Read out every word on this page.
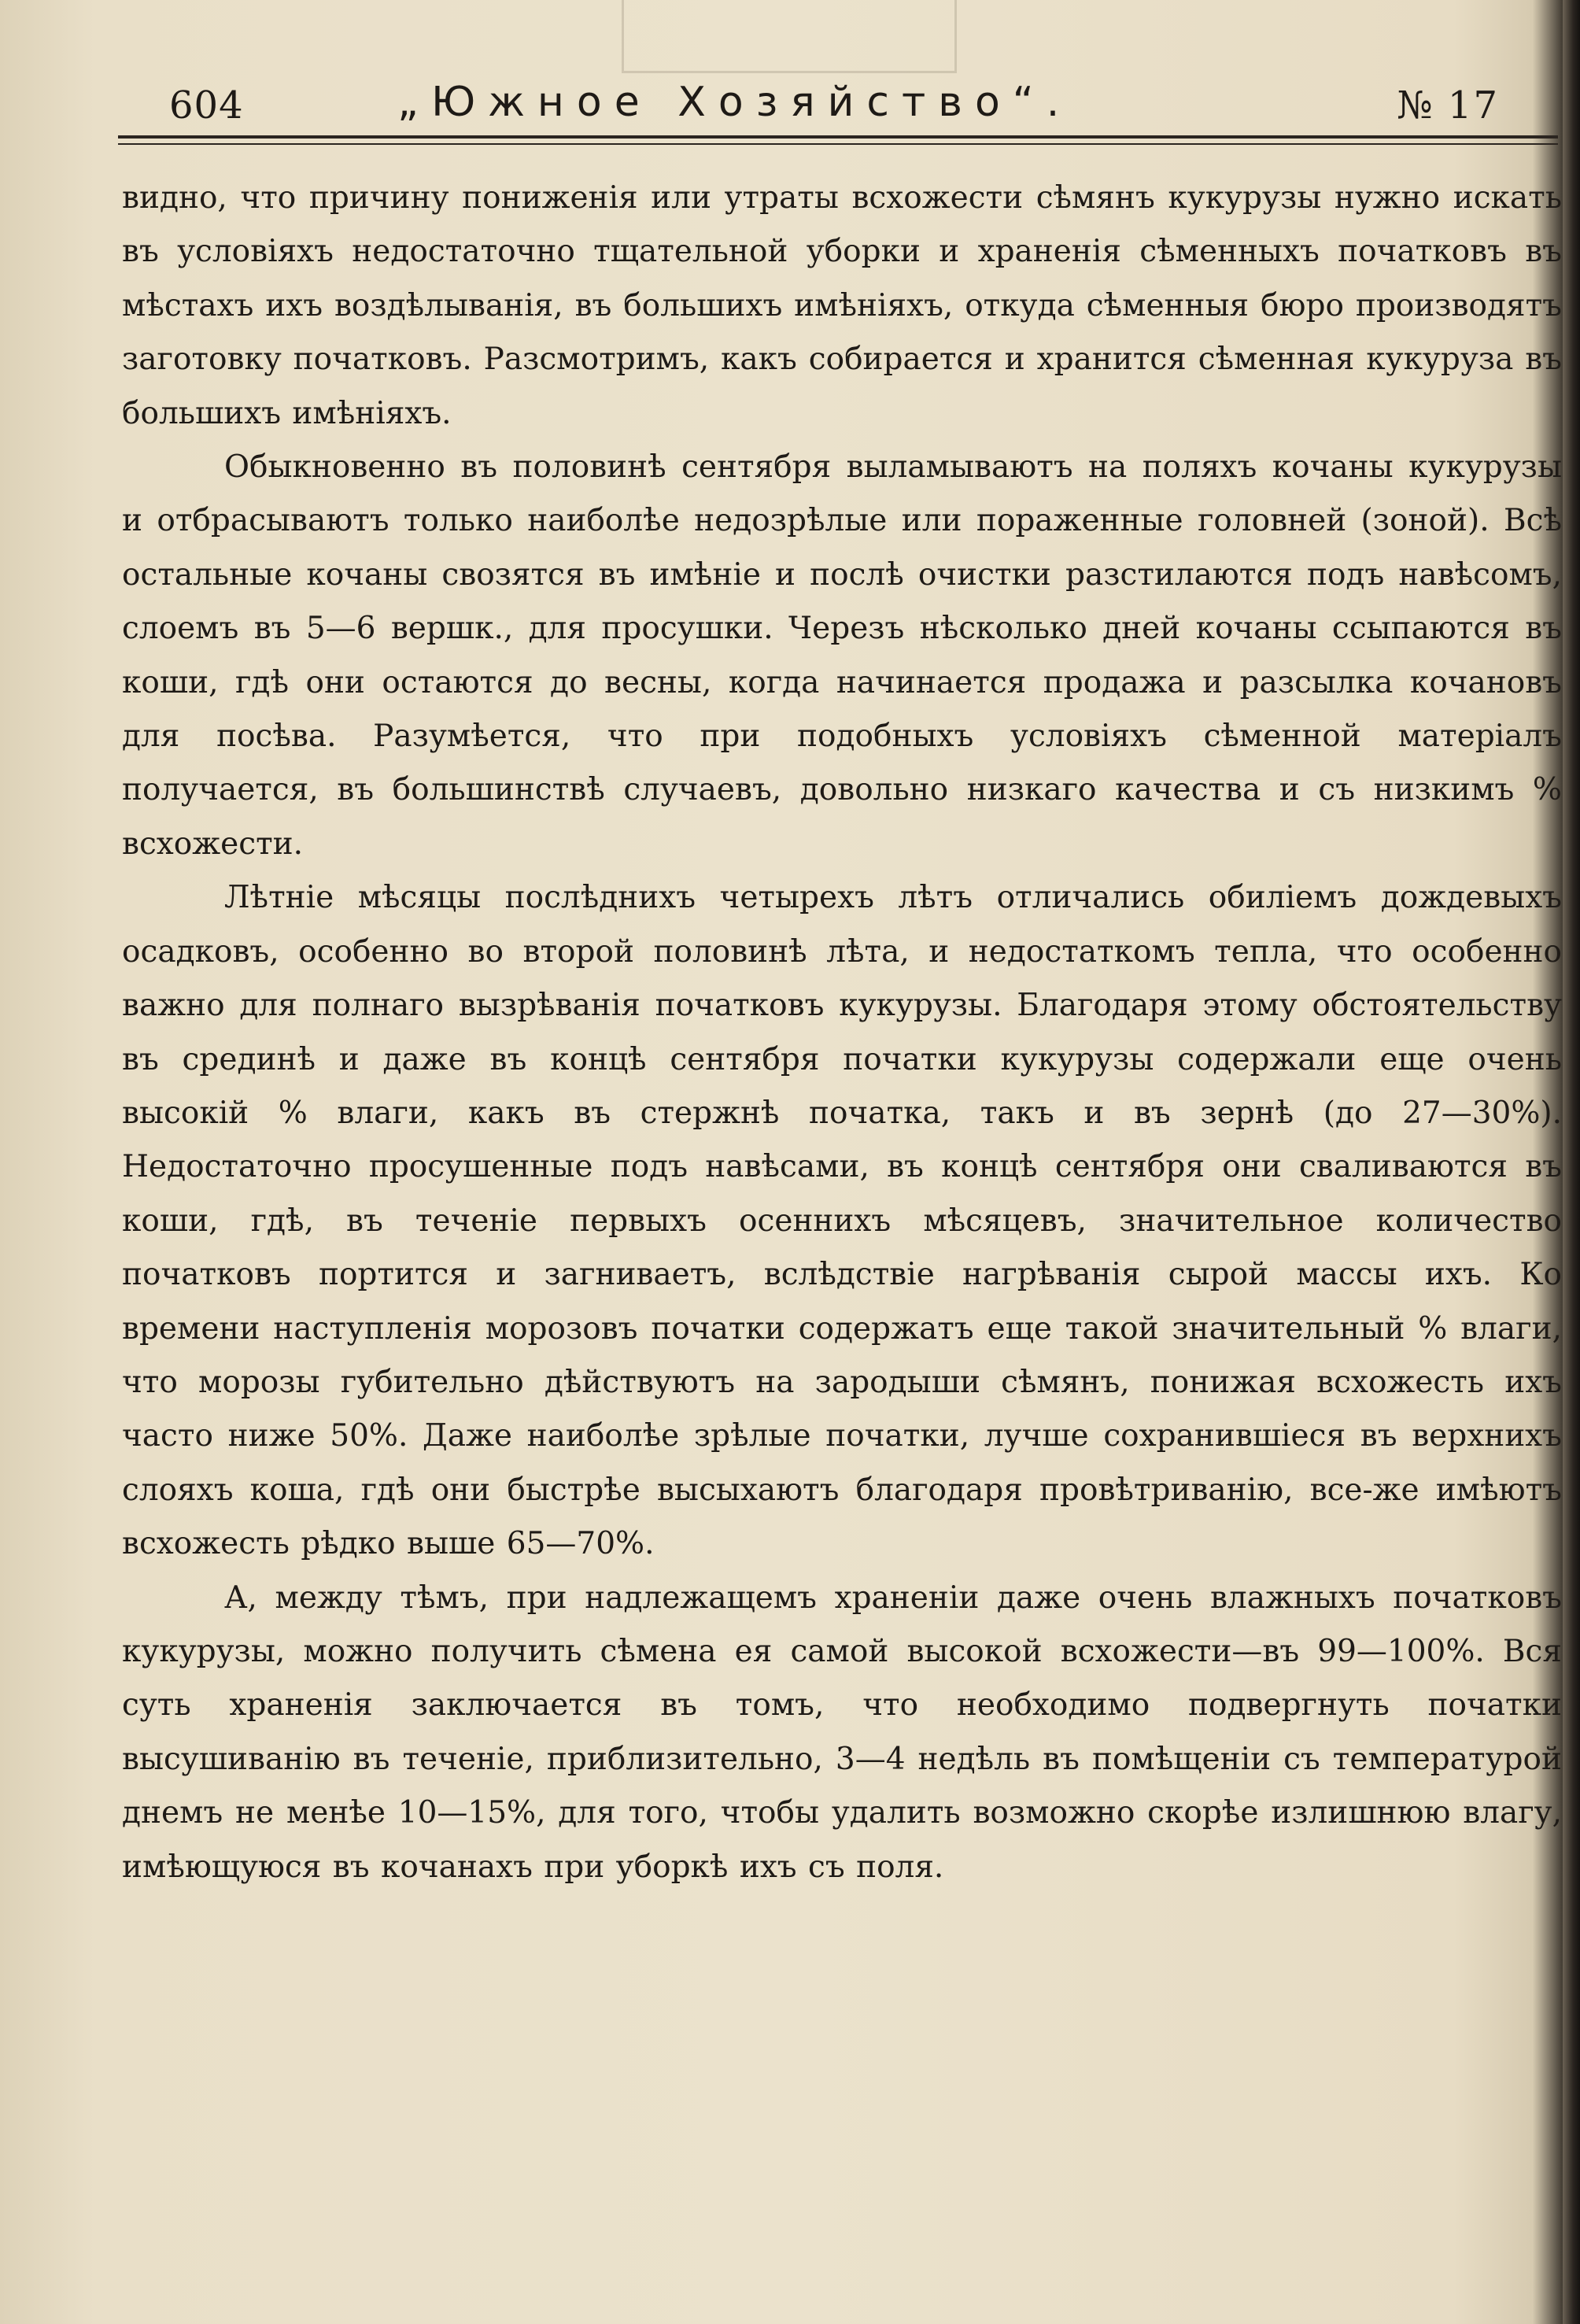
604	„Южное Хозяйство“.	№ 17

видно, что причину пониженія или утраты всхожести сѣмянъ кукурузы нужно искать въ условіяхъ недостаточно тщательной уборки и храненія сѣменныхъ початковъ въ мѣстахъ ихъ воздѣлыванія, въ большихъ имѣніяхъ, откуда сѣменныя бюро производятъ заготовку початковъ. Разсмотримъ, какъ собирается и хранится сѣменная кукуруза въ большихъ имѣніяхъ.

Обыкновенно въ половинѣ сентября выламываютъ на поляхъ кочаны кукурузы и отбрасываютъ только наиболѣе недозрѣлые или пораженные головней (зоной). Всѣ остальные кочаны свозятся въ имѣніе и послѣ очистки разстилаются подъ навѣсомъ, слоемъ въ 5—6 вершк., для просушки. Черезъ нѣсколько дней кочаны ссыпаются въ коши, гдѣ они остаются до весны, когда начинается продажа и разсылка кочановъ для посѣва. Разумѣется, что при подобныхъ условіяхъ сѣменной матеріалъ получается, въ большинствѣ случаевъ, довольно низкаго качества и съ низкимъ % всхожести.

Лѣтніе мѣсяцы послѣднихъ четырехъ лѣтъ отличались обиліемъ дождевыхъ осадковъ, особенно во второй половинѣ лѣта, и недостаткомъ тепла, что особенно важно для полнаго вызрѣванія початковъ кукурузы. Благодаря этому обстоятельству въ срединѣ и даже въ концѣ сентября початки кукурузы содержали еще очень высокій % влаги, какъ въ стержнѣ початка, такъ и въ зернѣ (до 27—30%). Недостаточно просушенные подъ навѣсами, въ концѣ сентября они сваливаются въ коши, гдѣ, въ теченіе первыхъ осеннихъ мѣсяцевъ, значительное количество початковъ портится и загниваетъ, вслѣдствіе нагрѣванія сырой массы ихъ. Ко времени наступленія морозовъ початки содержатъ еще такой значительный % влаги, что морозы губительно дѣйствуютъ на зародыши сѣмянъ, понижая всхожесть ихъ часто ниже 50%. Даже наиболѣе зрѣлые початки, лучше сохранившіеся въ верхнихъ слояхъ коша, гдѣ они быстрѣе высыхаютъ благодаря провѣтриванію, все-же имѣютъ всхожесть рѣдко выше 65—70%.

А, между тѣмъ, при надлежащемъ храненіи даже очень влажныхъ початковъ кукурузы, можно получить сѣмена ея самой высокой всхожести—въ 99—100%. Вся суть храненія заключается въ томъ, что необходимо подвергнуть початки высушиванію въ теченіе, приблизительно, 3—4 недѣль въ помѣщеніи съ температурой днемъ не менѣе 10—15%, для того, чтобы удалить возможно скорѣе излишнюю влагу, имѣющуюся въ кочанахъ при уборкѣ ихъ съ поля.
